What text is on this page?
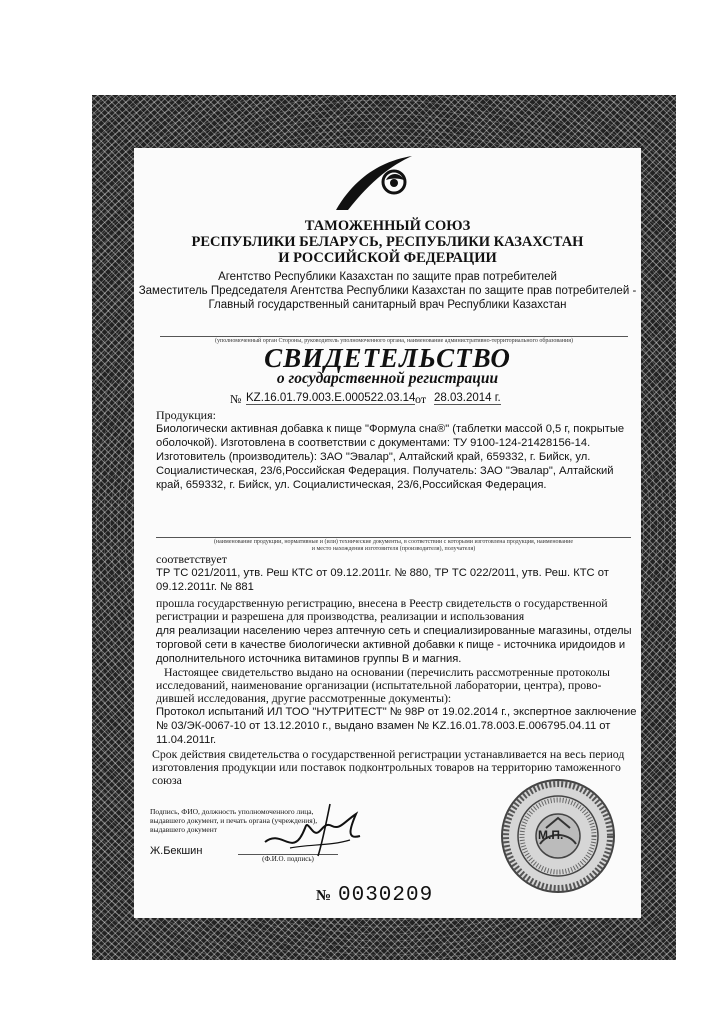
ТАМОЖЕННЫЙ СОЮЗ
РЕСПУБЛИКИ БЕЛАРУСЬ, РЕСПУБЛИКИ КАЗАХСТАН
И РОССИЙСКОЙ ФЕДЕРАЦИИ
Агентство Республики Казахстан по защите прав потребителей
Заместитель Председателя Агентства Республики Казахстан по защите прав потребителей -
Главный государственный санитарный врач Республики Казахстан
(уполномоченный орган Стороны, руководитель уполномоченного органа, наименование административно-территориального образования)
СВИДЕТЕЛЬСТВО
о государственной регистрации
№ KZ.16.01.79.003.E.000522.03.14 от 28.03.2014 г.
Продукция:
Биологически активная добавка к пище "Формула сна®" (таблетки массой 0,5 г, покрытые
оболочкой). Изготовлена в соответствии с документами: ТУ 9100-124-21428156-14.
Изготовитель (производитель): ЗАО "Эвалар", Алтайский край, 659332, г. Бийск, ул.
Социалистическая, 23/6,Российская Федерация. Получатель: ЗАО "Эвалар", Алтайский
край, 659332, г. Бийск, ул. Социалистическая, 23/6,Российская Федерация.
(наименование продукции, нормативные и (или) технические документы, в соответствии с которыми изготовлена продукция, наименование
и место нахождения изготовителя (производителя), получателя)
соответствует
ТР ТС 021/2011, утв. Реш КТС от 09.12.2011г. № 880, ТР ТС 022/2011, утв. Реш. КТС от
09.12.2011г. № 881
прошла государственную регистрацию, внесена в Реестр свидетельств о государственной
регистрации и разрешена для производства, реализации и использования
для реализации населению через аптечную сеть и специализированные магазины, отделы
торговой сети в качестве биологически активной добавки к пище - источника иридоидов и
дополнительного источника витаминов группы В и магния.
Настоящее свидетельство выдано на основании (перечислить рассмотренные протоколы
исследований, наименование организации (испытательной лаборатории, центра), прово-
дившей исследования, другие рассмотренные документы):
Протокол испытаний ИЛ ТОО "НУТРИТЕСТ" № 98Р от 19.02.2014 г., экспертное заключение
№ 03/ЭК-0067-10 от 13.12.2010 г., выдано взамен № KZ.16.01.78.003.E.006795.04.11 от
11.04.2011г.
Срок действия свидетельства о государственной регистрации устанавливается на весь период
изготовления продукции или поставок подконтрольных товаров на территорию таможенного
союза
Подпись, ФИО, должность уполномоченного лица,
выдавшего документ, и печать органа (учреждения),
выдавшего документ
Ж.Бекшин
(Ф.И.О. подпись)
М.П.
№ 0030209
